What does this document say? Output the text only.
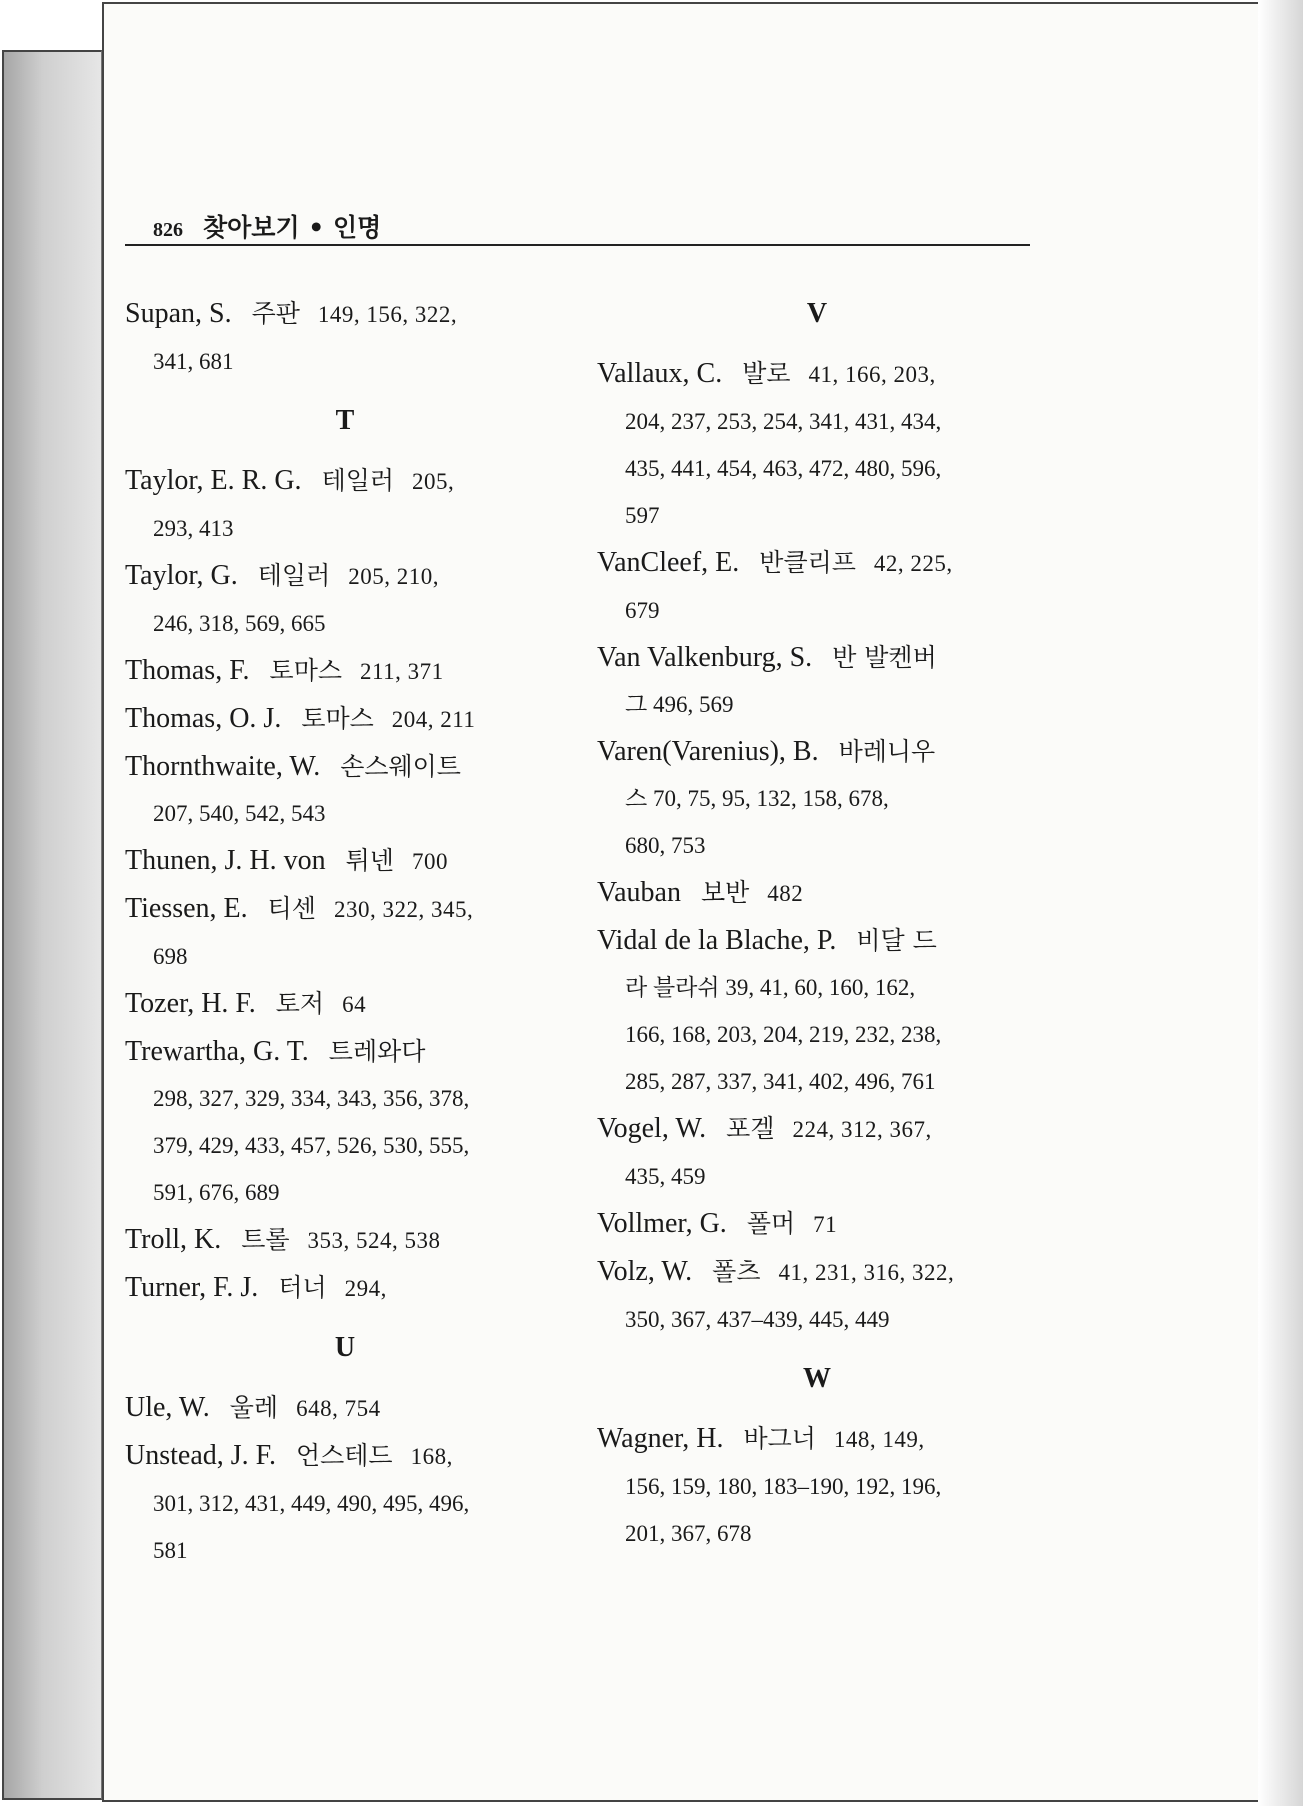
826 찾아보기 • 인명
Supan, S. 주판 149, 156, 322,
341, 681
T
Taylor, E. R. G. 테일러 205,
293, 413
Taylor, G. 테일러 205, 210,
246, 318, 569, 665
Thomas, F. 토마스 211, 371
Thomas, O. J. 토마스 204, 211
Thornthwaite, W. 손스웨이트
207, 540, 542, 543
Thunen, J. H. von 튀넨 700
Tiessen, E. 티센 230, 322, 345,
698
Tozer, H. F. 토저 64
Trewartha, G. T. 트레와다
298, 327, 329, 334, 343, 356, 378,
379, 429, 433, 457, 526, 530, 555,
591, 676, 689
Troll, K. 트롤 353, 524, 538
Turner, F. J. 터너 294,
U
Ule, W. 울레 648, 754
Unstead, J. F. 언스테드 168,
301, 312, 431, 449, 490, 495, 496,
581
V
Vallaux, C. 발로 41, 166, 203,
204, 237, 253, 254, 341, 431, 434,
435, 441, 454, 463, 472, 480, 596,
597
VanCleef, E. 반클리프 42, 225,
679
Van Valkenburg, S. 반 발켄버
그 496, 569
Varen(Varenius), B. 바레니우
스 70, 75, 95, 132, 158, 678,
680, 753
Vauban 보반 482
Vidal de la Blache, P. 비달 드
라 블라쉬 39, 41, 60, 160, 162,
166, 168, 203, 204, 219, 232, 238,
285, 287, 337, 341, 402, 496, 761
Vogel, W. 포겔 224, 312, 367,
435, 459
Vollmer, G. 폴머 71
Volz, W. 폴츠 41, 231, 316, 322,
350, 367, 437–439, 445, 449
W
Wagner, H. 바그너 148, 149,
156, 159, 180, 183–190, 192, 196,
201, 367, 678
